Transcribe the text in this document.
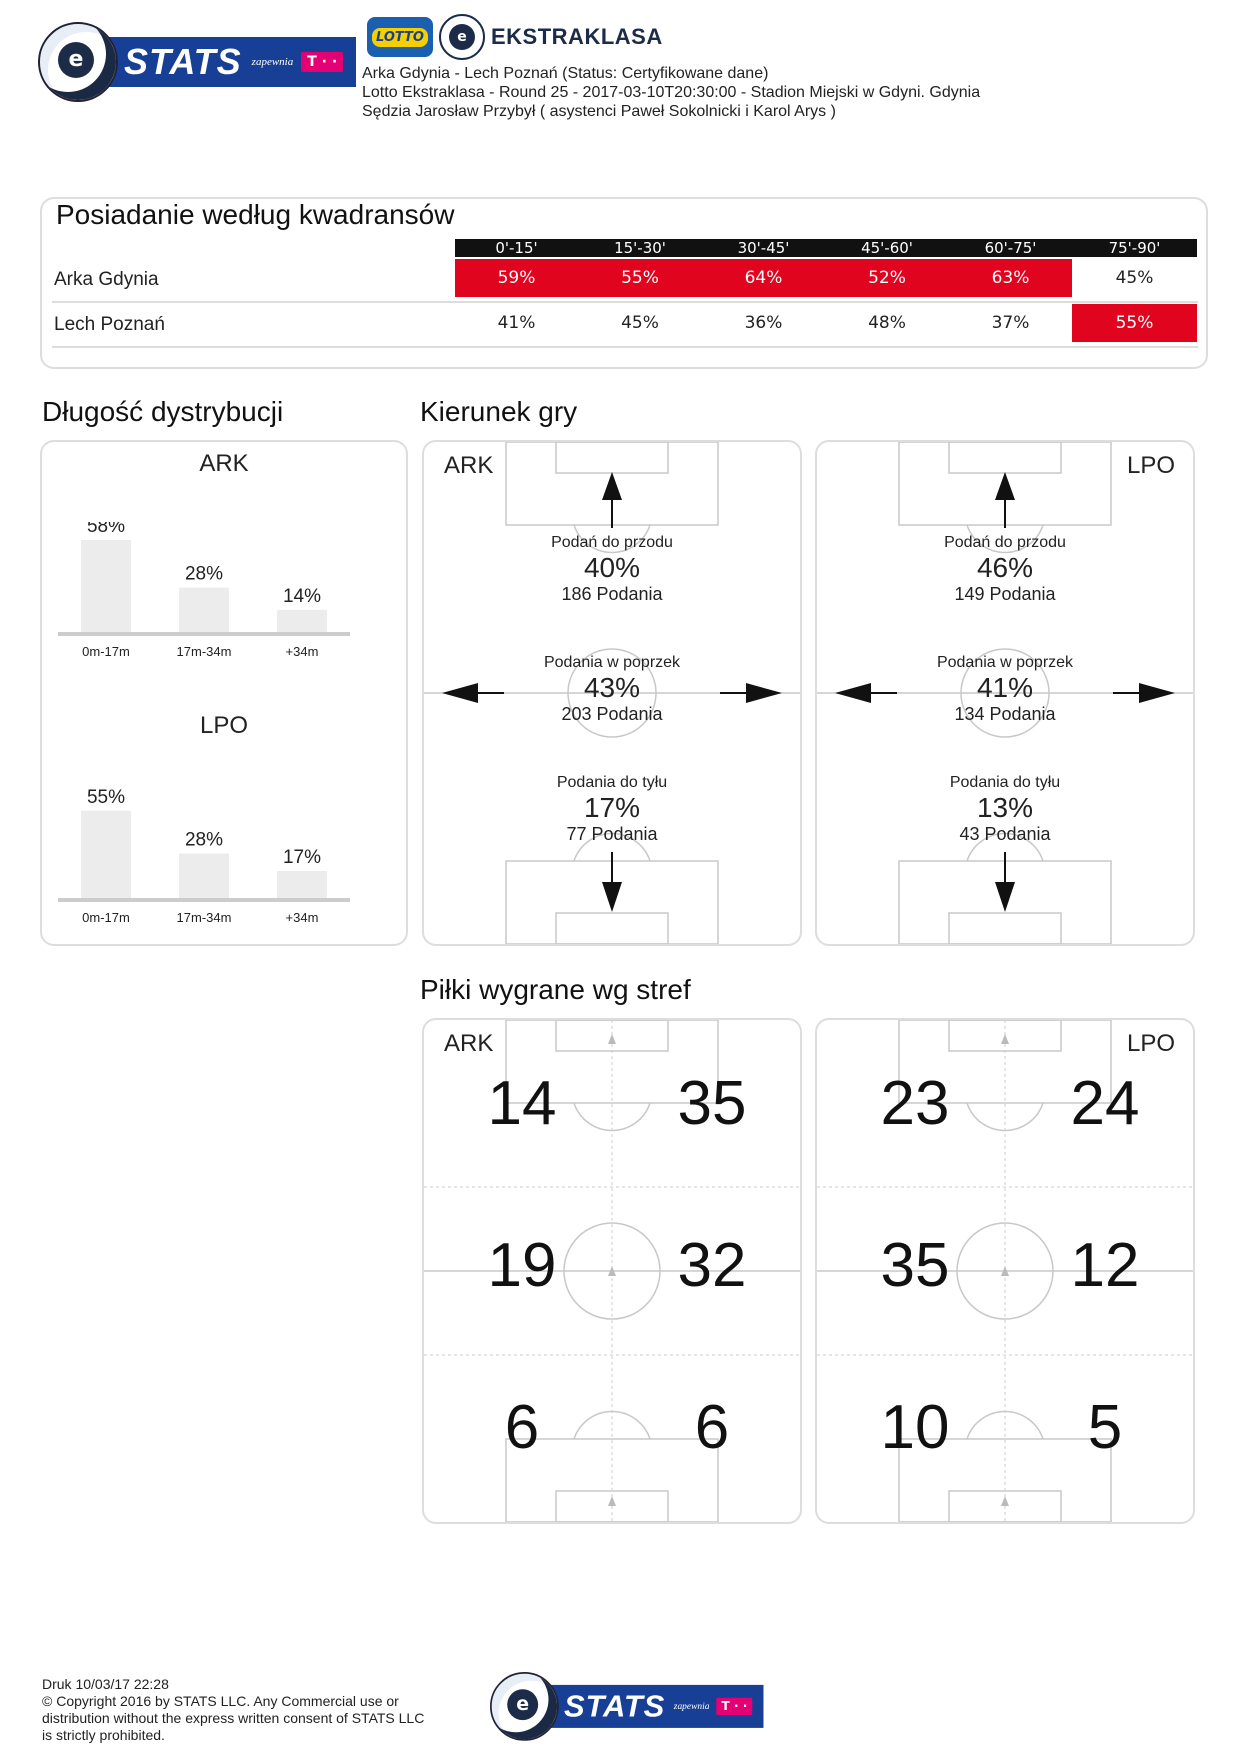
e STATS zapewnia	T · ·
LOTTO	e	EKSTRAKLASA
Arka Gdynia - Lech Poznań (Status: Certyfikowane dane)
Lotto Ekstraklasa - Round 25 - 2017-03-10T20:30:00 - Stadion Miejski w Gdyni. Gdynia
Sędzia Jarosław Przybył ( asystenci Paweł Sokolnicki i Karol Arys )
Posiadanie według kwadransów
0'-15'	15'-30'	30'-45'	45'-60'	60'-75'	75'-90'
Arka Gdynia	59%	55%	64%	52%	63%	45%
Lech Poznań	41%	45%	36%	48%	37%	55%
Długość dystrybucji
ARK
58%
0m-17m
28%
17m-34m
14%
+34m
LPO
55%
0m-17m
28%
17m-34m
17%
+34m
Kierunek gry
ARK
Podań do przodu
40%
186 Podania
Podania w poprzek
43%
203 Podania
Podania do tyłu
17%
77 Podania
LPO
Podań do przodu
46%
149 Podania
Podania w poprzek
41%
134 Podania
Podania do tyłu
13%
43 Podania
Piłki wygrane wg stref
ARK
14	35
19	32
6	6
LPO
23	24
35	12
10	5
Druk 10/03/17 22:28
© Copyright 2016 by STATS LLC. Any Commercial use or
distribution without the express written consent of STATS LLC
is strictly prohibited.
e STATS zapewnia T · ·
